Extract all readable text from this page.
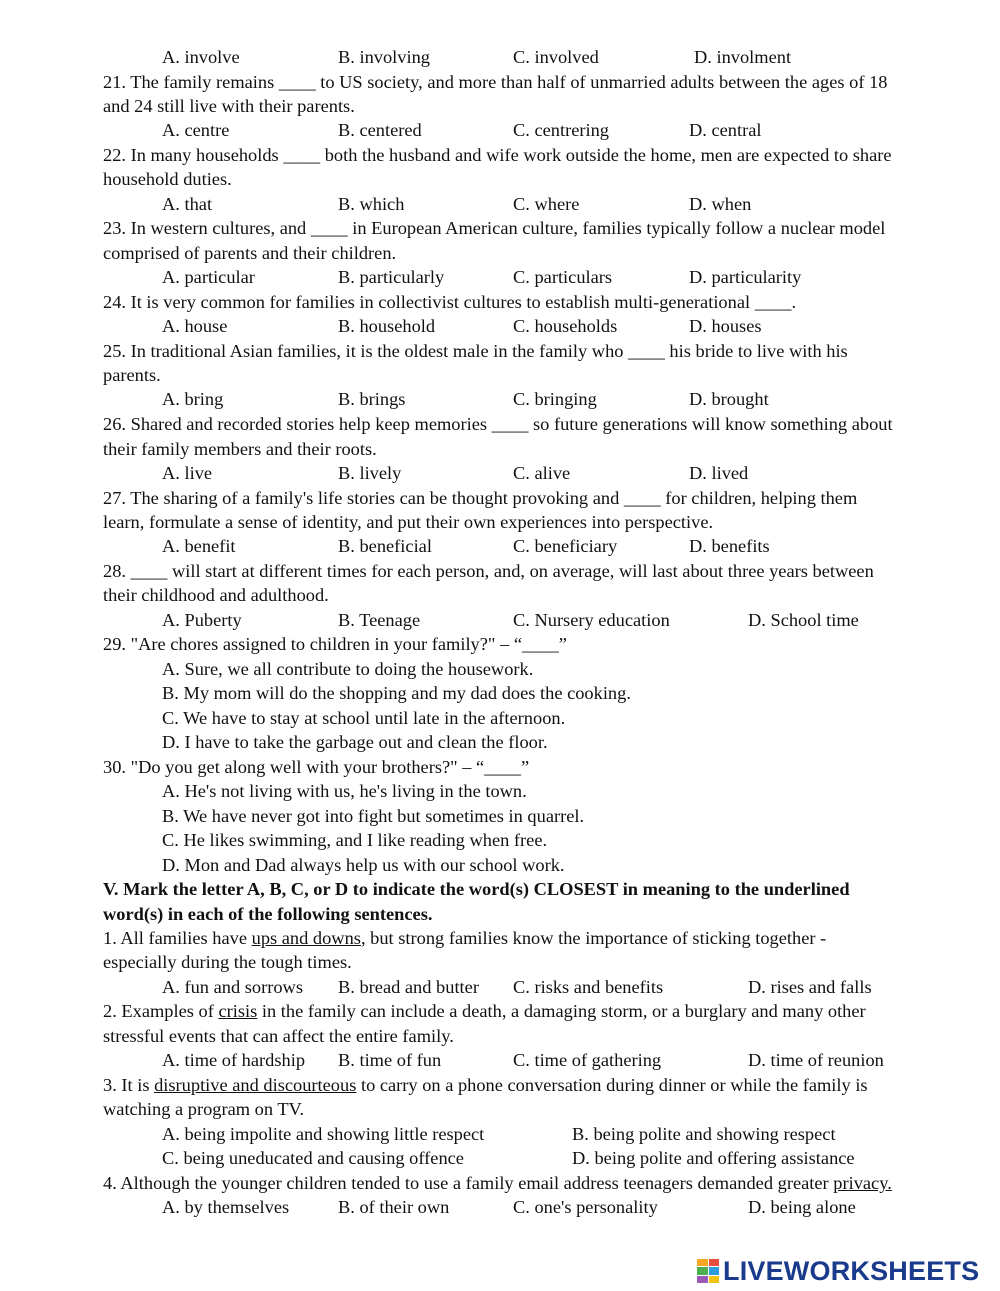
A. involve	B. involving	C. involved	D. involment
21. The family remains ____ to US society, and more than half of unmarried adults between the ages of 18
and 24 still live with their parents.
A. centre	B. centered	C. centrering	D. central
22. In many households ____ both the husband and wife work outside the home, men are expected to share
household duties.
A. that	B. which	C. where	D. when
23. In western cultures, and ____ in European American culture, families typically follow a nuclear model
comprised of parents and their children.
A. particular	B. particularly	C. particulars	D. particularity
24. It is very common for families in collectivist cultures to establish multi-generational ____.
A. house	B. household	C. households	D. houses
25. In traditional Asian families, it is the oldest male in the family who ____ his bride to live with his
parents.
A. bring	B. brings	C. bringing	D. brought
26. Shared and recorded stories help keep memories ____ so future generations will know something about
their family members and their roots.
A. live	B. lively	C. alive	D. lived
27. The sharing of a family's life stories can be thought provoking and ____ for children, helping them
learn, formulate a sense of identity, and put their own experiences into perspective.
A. benefit	B. beneficial	C. beneficiary	D. benefits
28. ____ will start at different times for each person, and, on average, will last about three years between
their childhood and adulthood.
A. Puberty	B. Teenage	C. Nursery education	D. School time
29. "Are chores assigned to children in your family?" – “____”
A. Sure, we all contribute to doing the housework.
B. My mom will do the shopping and my dad does the cooking.
C. We have to stay at school until late in the afternoon.
D. I have to take the garbage out and clean the floor.
30. "Do you get along well with your brothers?" – “____”
A. He's not living with us, he's living in the town.
B. We have never got into fight but sometimes in quarrel.
C. He likes swimming, and I like reading when free.
D. Mon and Dad always help us with our school work.
V. Mark the letter A, B, C, or D to indicate the word(s) CLOSEST in meaning to the underlined
word(s) in each of the following sentences.
1. All families have ups and downs, but strong families know the importance of sticking together -
especially during the tough times.
A. fun and sorrows B. bread and butter C. risks and benefits	D. rises and falls
2. Examples of crisis in the family can include a death, a damaging storm, or a burglary and many other
stressful events that can affect the entire family.
A. time of hardship B. time of fun	C. time of gathering	D. time of reunion
3. It is disruptive and discourteous to carry on a phone conversation during dinner or while the family is
watching a program on TV.
A. being impolite and showing little respect	B. being polite and showing respect
C. being uneducated and causing offence	D. being polite and offering assistance
4. Although the younger children tended to use a family email address teenagers demanded greater privacy.
A. by themselves	B. of their own	C. one's personality	D. being alone
LIVEWORKSHEETS
